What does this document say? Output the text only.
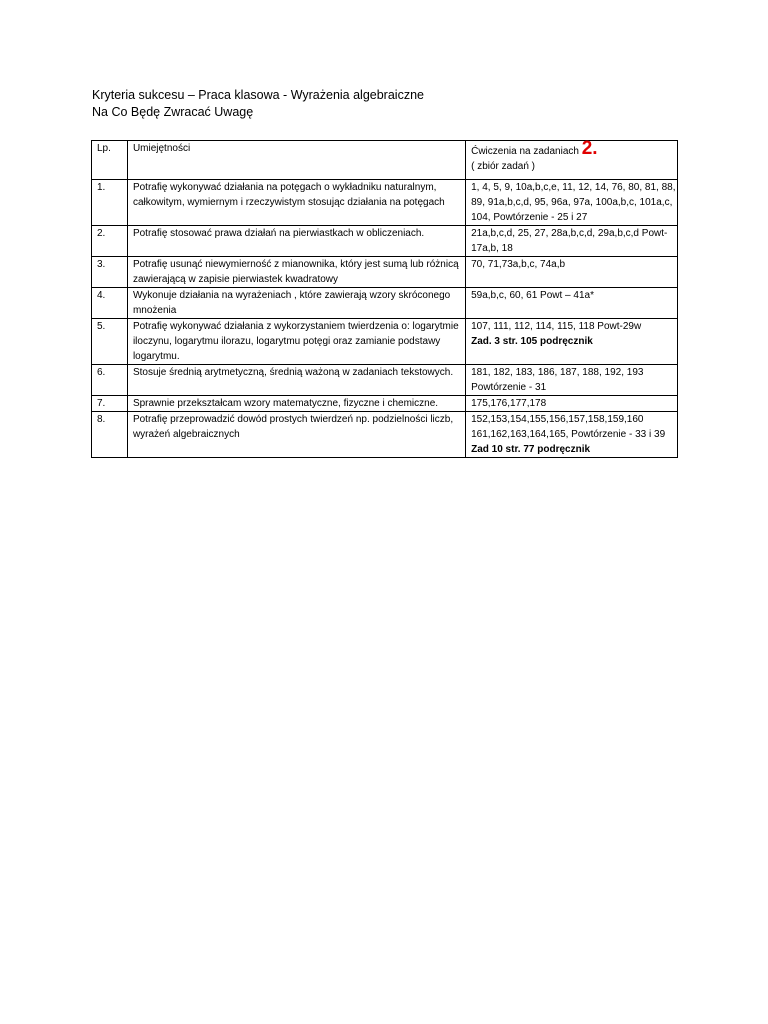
Kryteria sukcesu – Praca klasowa - Wyrażenia algebraiczne
Na Co Będę Zwracać Uwagę
Lp.	Umiejętności	Ćwiczenia na zadaniach 2.
( zbiór zadań )
1.	Potrafię wykonywać działania na potęgach o wykładniku naturalnym, całkowitym, wymiernym i rzeczywistym stosując działania na potęgach	1, 4, 5, 9, 10a,b,c,e, 11, 12, 14, 76, 80, 81, 88, 89, 91a,b,c,d, 95, 96a, 97a, 100a,b,c, 101a,c, 104, Powtórzenie - 25 i 27

2.	Potrafię stosować prawa działań na pierwiastkach w obliczeniach.	21a,b,c,d, 25, 27, 28a,b,c,d, 29a,b,c,d Powt-17a,b, 18

3.	Potrafię usunąć niewymierność z mianownika, który jest sumą lub różnicą zawierającą w zapisie pierwiastek kwadratowy	70, 71,73a,b,c, 74a,b

4.	Wykonuje działania na wyrażeniach , które zawierają wzory skróconego mnożenia	59a,b,c, 60, 61 Powt – 41a*

5.	Potrafię wykonywać działania z wykorzystaniem twierdzenia o: logarytmie iloczynu, logarytmu ilorazu, logarytmu potęgi oraz zamianie podstawy logarytmu.	107, 111, 112, 114, 115, 118 Powt-29w
Zad. 3 str. 105 podręcznik

6.	Stosuje średnią arytmetyczną, średnią ważoną w zadaniach tekstowych.	181, 182, 183, 186, 187, 188, 192, 193 Powtórzenie - 31

7.	Sprawnie przekształcam wzory matematyczne, fizyczne i chemiczne.	175,176,177,178

8.	Potrafię przeprowadzić dowód prostych twierdzeń np. podzielności liczb, wyrażeń algebraicznych	152,153,154,155,156,157,158,159,160 161,162,163,164,165, Powtórzenie - 33 i 39
Zad 10 str. 77 podręcznik
